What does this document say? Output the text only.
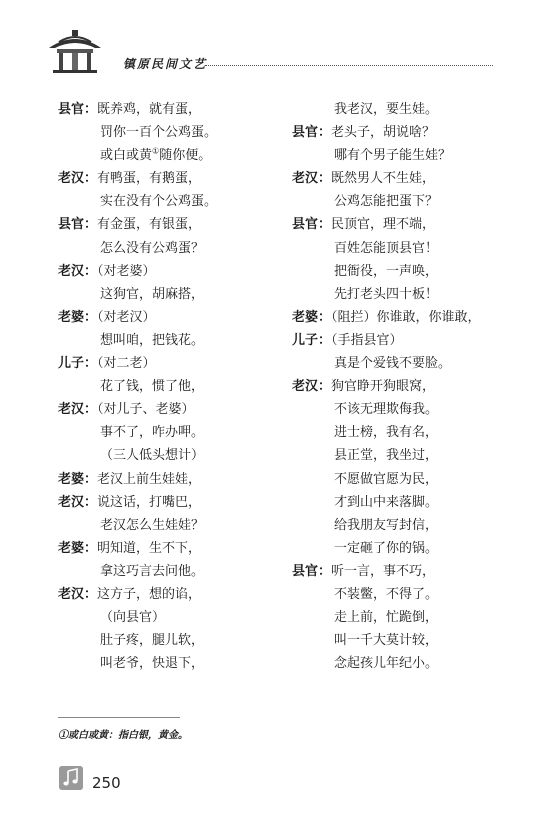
镇原民间文艺
县官：既养鸡，就有蛋，
罚你一百个公鸡蛋。
或白或黄①随你便。
老汉：有鸭蛋，有鹅蛋，
实在没有个公鸡蛋。
县官：有金蛋，有银蛋，
怎么没有公鸡蛋？
老汉：（对老婆）
这狗官，胡麻搭，
老婆：（对老汉）
想叫咱，把钱花。
儿子：（对二老）
花了钱，惯了他，
老汉：（对儿子、老婆）
事不了，咋办呷。
（三人低头想计）
老婆：老汉上前生娃娃，
老汉：说这话，打嘴巴，
老汉怎么生娃娃？
老婆：明知道，生不下，
拿这巧言去问他。
老汉：这方子，想的谄，
（向县官）
肚子疼，腿儿软，
叫老爷，快退下，
我老汉，要生娃。
县官：老头子，胡说啥？
哪有个男子能生娃？
老汉：既然男人不生娃，
公鸡怎能把蛋下？
县官：民顶官，理不端，
百姓怎能顶县官！
把衙役，一声唤，
先打老头四十板！
老婆：（阻拦）你谁敢，你谁敢，
儿子：（手指县官）
真是个爱钱不要脸。
老汉：狗官睁开狗眼窝，
不该无理欺侮我。
进士榜，我有名，
县正堂，我坐过，
不愿做官愿为民，
才到山中来落脚。
给我朋友写封信，
一定砸了你的锅。
县官：听一言，事不巧，
不装鳖，不得了。
走上前，忙跪倒，
叫一千大莫计较，
念起孩儿年纪小。
①或白或黄：指白银，黄金。
250
